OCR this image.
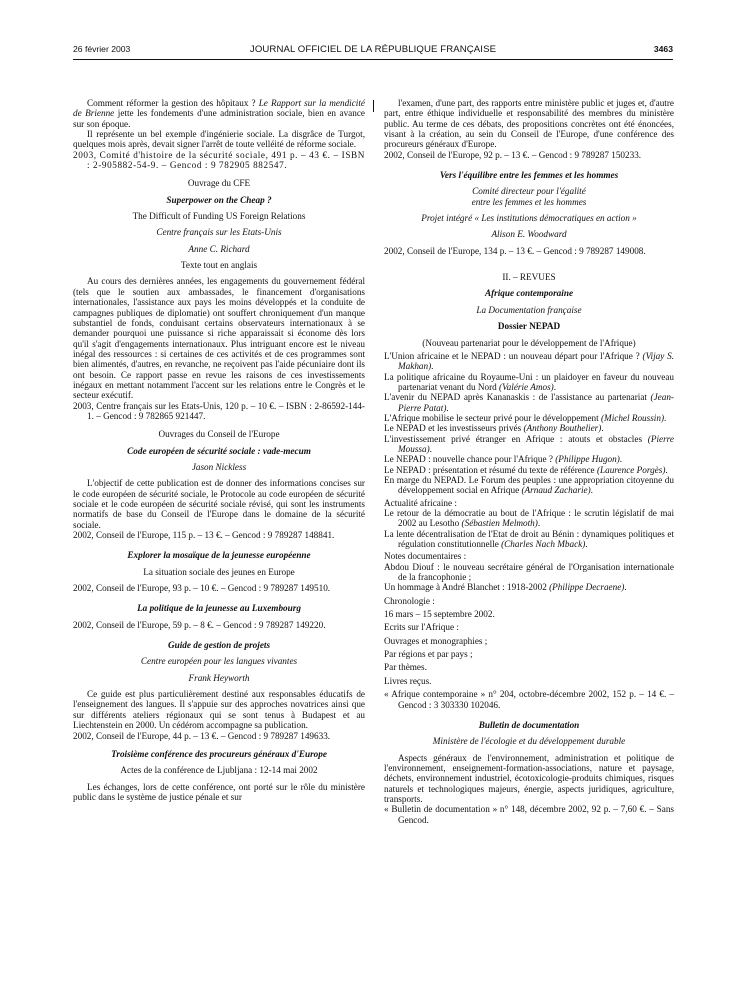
26 février 2003	JOURNAL OFFICIEL DE LA RÉPUBLIQUE FRANÇAISE	3463

Comment réformer la gestion des hôpitaux ? Le Rapport sur la mendicité de Brienne jette les fondements d'une administration sociale, bien en avance sur son époque.

Il représente un bel exemple d'ingénierie sociale. La disgrâce de Turgot, quelques mois après, devait signer l'arrêt de toute velléité de réforme sociale.

2003, Comité d'histoire de la sécurité sociale, 491 p. – 43 €. – ISBN : 2-905882-54-9. – Gencod : 9 782905 882547.

Ouvrage du CFE

Superpower on the Cheap ?

The Difficult of Funding US Foreign Relations

Centre français sur les Etats-Unis

Anne C. Richard

Texte tout en anglais

Au cours des dernières années, les engagements du gouvernement fédéral (tels que le soutien aux ambassades, le financement d'organisations internationales, l'assistance aux pays les moins développés et la conduite de campagnes publiques de diplomatie) ont souffert chroniquement d'un manque substantiel de fonds, conduisant certains observateurs internationaux à se demander pourquoi une puissance si riche apparaissait si économe dès lors qu'il s'agit d'engagements internationaux. Plus intriguant encore est le niveau inégal des ressources : si certaines de ces activités et de ces programmes sont bien alimentés, d'autres, en revanche, ne reçoivent pas l'aide pécuniaire dont ils ont besoin. Ce rapport passe en revue les raisons de ces investissements inégaux en mettant notamment l'accent sur les relations entre le Congrès et le secteur exécutif.

2003, Centre français sur les Etats-Unis, 120 p. – 10 €. – ISBN : 2-86592-144-1. – Gencod : 9 782865 921447.

Ouvrages du Conseil de l'Europe

Code européen de sécurité sociale : vade-mecum

Jason Nickless

L'objectif de cette publication est de donner des informations concises sur le code européen de sécurité sociale, le Protocole au code européen de sécurité sociale et le code européen de sécurité sociale révisé, qui sont les instruments normatifs de base du Conseil de l'Europe dans le domaine de la sécurité sociale.

2002, Conseil de l'Europe, 115 p. – 13 €. – Gencod : 9 789287 148841.

Explorer la mosaïque de la jeunesse européenne

La situation sociale des jeunes en Europe

2002, Conseil de l'Europe, 93 p. – 10 €. – Gencod : 9 789287 149510.

La politique de la jeunesse au Luxembourg

2002, Conseil de l'Europe, 59 p. – 8 €. – Gencod : 9 789287 149220.

Guide de gestion de projets

Centre européen pour les langues vivantes

Frank Heyworth

Ce guide est plus particulièrement destiné aux responsables éducatifs de l'enseignement des langues. Il s'appuie sur des approches novatrices ainsi que sur différents ateliers régionaux qui se sont tenus à Budapest et au Liechtenstein en 2000. Un cédérom accompagne sa publication.

2002, Conseil de l'Europe, 44 p. – 13 €. – Gencod : 9 789287 149633.

Troisième conférence des procureurs généraux d'Europe

Actes de la conférence de Ljubljana : 12-14 mai 2002

Les échanges, lors de cette conférence, ont porté sur le rôle du ministère public dans le système de justice pénale et sur

l'examen, d'une part, des rapports entre ministère public et juges et, d'autre part, entre éthique individuelle et responsabilité des membres du ministère public. Au terme de ces débats, des propositions concrètes ont été énoncées, visant à la création, au sein du Conseil de l'Europe, d'une conférence des procureurs généraux d'Europe.

2002, Conseil de l'Europe, 92 p. – 13 €. – Gencod : 9 789287 150233.

Vers l'équilibre entre les femmes et les hommes

Comité directeur pour l'égalité

entre les femmes et les hommes

Projet intégré « Les institutions démocratiques en action »

Alison E. Woodward

2002, Conseil de l'Europe, 134 p. – 13 €. – Gencod : 9 789287 149008.

II. – REVUES

Afrique contemporaine

La Documentation française

Dossier NEPAD

(Nouveau partenariat pour le développement de l'Afrique)

L'Union africaine et le NEPAD : un nouveau départ pour l'Afrique ? (Vijay S. Makhan).

La politique africaine du Royaume-Uni : un plaidoyer en faveur du nouveau partenariat venant du Nord (Valérie Amos).

L'avenir du NEPAD après Kananaskis : de l'assistance au partenariat (Jean-Pierre Patat).

L'Afrique mobilise le secteur privé pour le développement (Michel Roussin).

Le NEPAD et les investisseurs privés (Anthony Bouthelier).

L'investissement privé étranger en Afrique : atouts et obstacles (Pierre Moussa).

Le NEPAD : nouvelle chance pour l'Afrique ? (Philippe Hugon).

Le NEPAD : présentation et résumé du texte de référence (Laurence Porgès).

En marge du NEPAD. Le Forum des peuples : une appropriation citoyenne du développement social en Afrique (Arnaud Zacharie).

Actualité africaine :

Le retour de la démocratie au bout de l'Afrique : le scrutin législatif de mai 2002 au Lesotho (Sébastien Melmoth).

La lente décentralisation de l'Etat de droit au Bénin : dynamiques politiques et régulation constitutionnelle (Charles Nach Mback).

Notes documentaires :

Abdou Diouf : le nouveau secrétaire général de l'Organisation internationale de la francophonie ;

Un hommage à André Blanchet : 1918-2002 (Philippe Decraene).

Chronologie :

16 mars – 15 septembre 2002.

Ecrits sur l'Afrique :

Ouvrages et monographies ;

Par régions et par pays ;

Par thèmes.

Livres reçus.

« Afrique contemporaine » n° 204, octobre-décembre 2002, 152 p. – 14 €. – Gencod : 3 303330 102046.

Bulletin de documentation

Ministère de l'écologie et du développement durable

Aspects généraux de l'environnement, administration et politique de l'environnement, enseignement-formation-associations, nature et paysage, déchets, environnement industriel, écotoxicologie-produits chimiques, risques naturels et technologiques majeurs, énergie, aspects juridiques, agriculture, transports.

« Bulletin de documentation » n° 148, décembre 2002, 92 p. – 7,60 €. – Sans Gencod.
